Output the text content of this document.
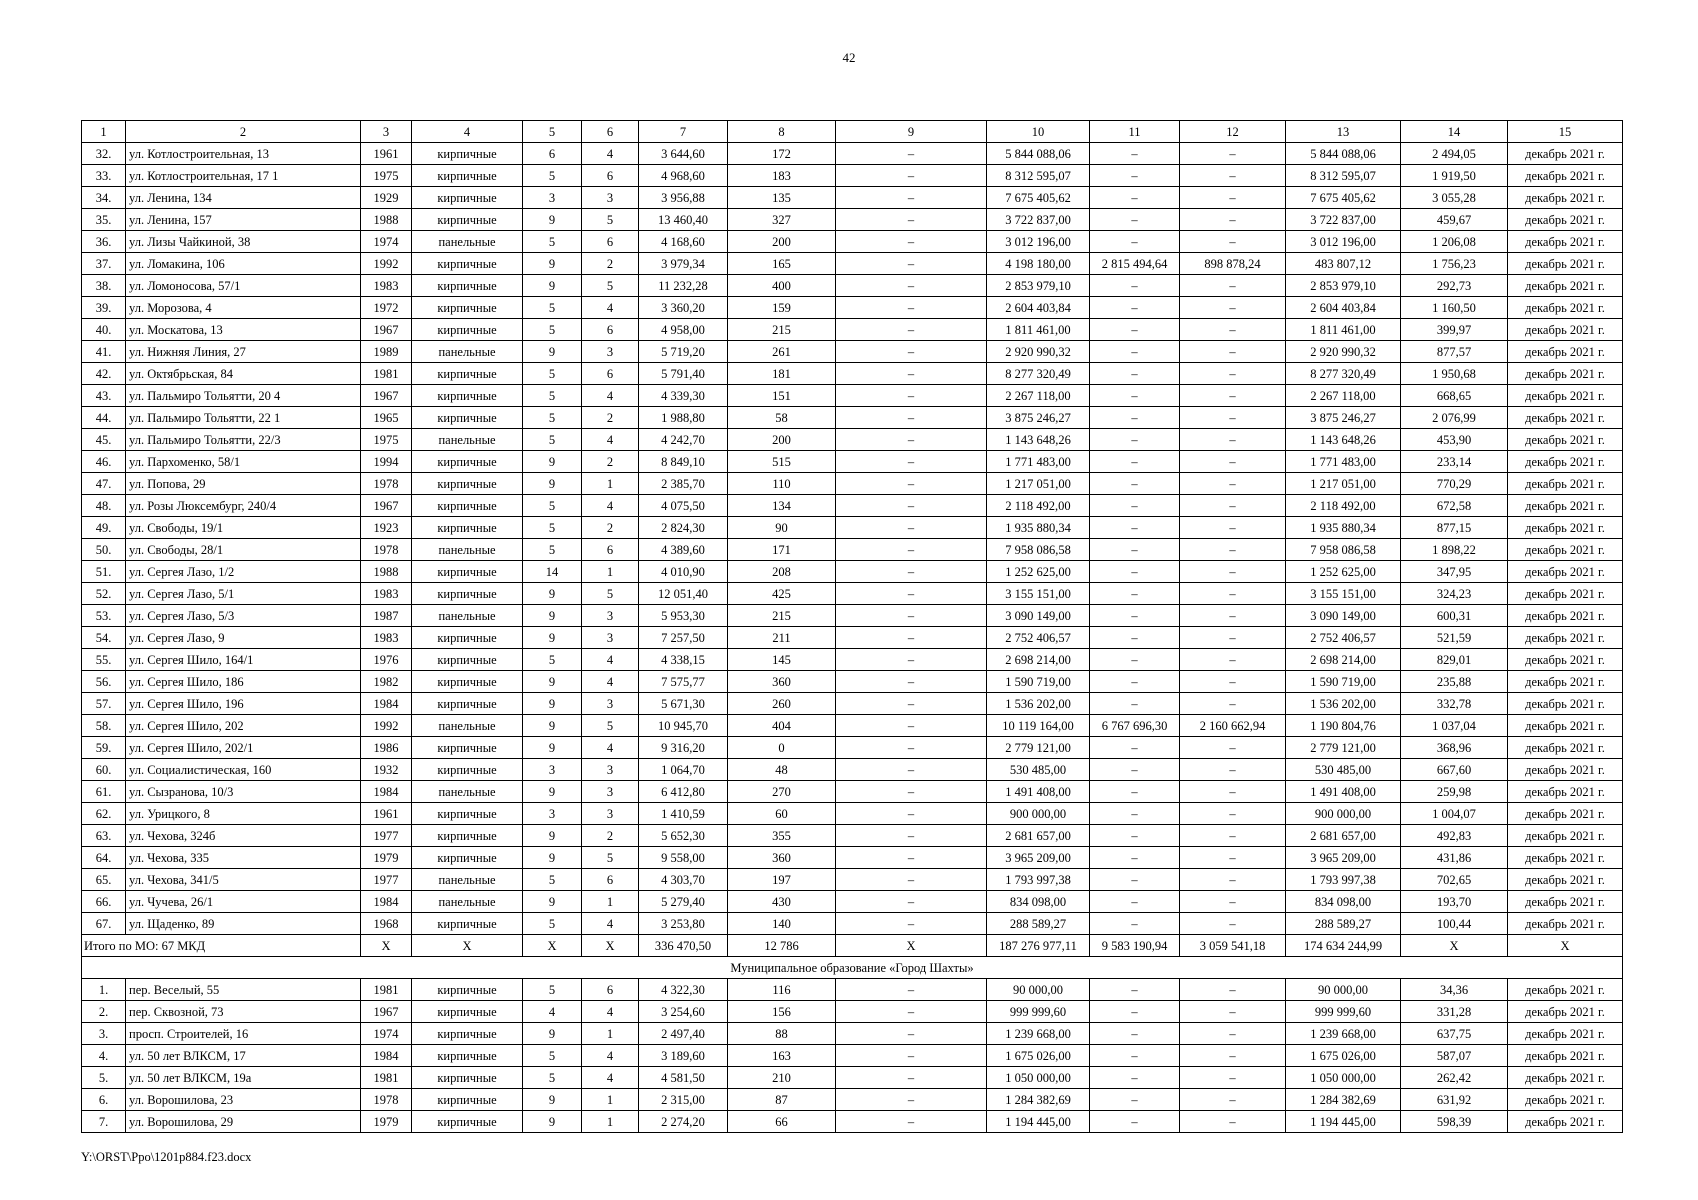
42
1	2	3	4	5	6	7	8	9	10	11	12	13	14	15
32.	ул. Котлостроительная, 13	1961	кирпичные	6	4	3 644,60	172	–	5 844 088,06	–	–	5 844 088,06	2 494,05	декабрь 2021 г.
33.	ул. Котлостроительная, 17 1	1975	кирпичные	5	6	4 968,60	183	–	8 312 595,07	–	–	8 312 595,07	1 919,50	декабрь 2021 г.
34.	ул. Ленина, 134	1929	кирпичные	3	3	3 956,88	135	–	7 675 405,62	–	–	7 675 405,62	3 055,28	декабрь 2021 г.
35.	ул. Ленина, 157	1988	кирпичные	9	5	13 460,40	327	–	3 722 837,00	–	–	3 722 837,00	459,67	декабрь 2021 г.
36.	ул. Лизы Чайкиной, 38	1974	панельные	5	6	4 168,60	200	–	3 012 196,00	–	–	3 012 196,00	1 206,08	декабрь 2021 г.
37.	ул. Ломакина, 106	1992	кирпичные	9	2	3 979,34	165	–	4 198 180,00	2 815 494,64	898 878,24	483 807,12	1 756,23	декабрь 2021 г.
38.	ул. Ломоносова, 57/1	1983	кирпичные	9	5	11 232,28	400	–	2 853 979,10	–	–	2 853 979,10	292,73	декабрь 2021 г.
39.	ул. Морозова, 4	1972	кирпичные	5	4	3 360,20	159	–	2 604 403,84	–	–	2 604 403,84	1 160,50	декабрь 2021 г.
40.	ул. Москатова, 13	1967	кирпичные	5	6	4 958,00	215	–	1 811 461,00	–	–	1 811 461,00	399,97	декабрь 2021 г.
41.	ул. Нижняя Линия, 27	1989	панельные	9	3	5 719,20	261	–	2 920 990,32	–	–	2 920 990,32	877,57	декабрь 2021 г.
42.	ул. Октябрьская, 84	1981	кирпичные	5	6	5 791,40	181	–	8 277 320,49	–	–	8 277 320,49	1 950,68	декабрь 2021 г.
43.	ул. Пальмиро Тольятти, 20 4	1967	кирпичные	5	4	4 339,30	151	–	2 267 118,00	–	–	2 267 118,00	668,65	декабрь 2021 г.
44.	ул. Пальмиро Тольятти, 22 1	1965	кирпичные	5	2	1 988,80	58	–	3 875 246,27	–	–	3 875 246,27	2 076,99	декабрь 2021 г.
45.	ул. Пальмиро Тольятти, 22/3	1975	панельные	5	4	4 242,70	200	–	1 143 648,26	–	–	1 143 648,26	453,90	декабрь 2021 г.
46.	ул. Пархоменко, 58/1	1994	кирпичные	9	2	8 849,10	515	–	1 771 483,00	–	–	1 771 483,00	233,14	декабрь 2021 г.
47.	ул. Попова, 29	1978	кирпичные	9	1	2 385,70	110	–	1 217 051,00	–	–	1 217 051,00	770,29	декабрь 2021 г.
48.	ул. Розы Люксембург, 240/4	1967	кирпичные	5	4	4 075,50	134	–	2 118 492,00	–	–	2 118 492,00	672,58	декабрь 2021 г.
49.	ул. Свободы, 19/1	1923	кирпичные	5	2	2 824,30	90	–	1 935 880,34	–	–	1 935 880,34	877,15	декабрь 2021 г.
50.	ул. Свободы, 28/1	1978	панельные	5	6	4 389,60	171	–	7 958 086,58	–	–	7 958 086,58	1 898,22	декабрь 2021 г.
51.	ул. Сергея Лазо, 1/2	1988	кирпичные	14	1	4 010,90	208	–	1 252 625,00	–	–	1 252 625,00	347,95	декабрь 2021 г.
52.	ул. Сергея Лазо, 5/1	1983	кирпичные	9	5	12 051,40	425	–	3 155 151,00	–	–	3 155 151,00	324,23	декабрь 2021 г.
53.	ул. Сергея Лазо, 5/3	1987	панельные	9	3	5 953,30	215	–	3 090 149,00	–	–	3 090 149,00	600,31	декабрь 2021 г.
54.	ул. Сергея Лазо, 9	1983	кирпичные	9	3	7 257,50	211	–	2 752 406,57	–	–	2 752 406,57	521,59	декабрь 2021 г.
55.	ул. Сергея Шило, 164/1	1976	кирпичные	5	4	4 338,15	145	–	2 698 214,00	–	–	2 698 214,00	829,01	декабрь 2021 г.
56.	ул. Сергея Шило, 186	1982	кирпичные	9	4	7 575,77	360	–	1 590 719,00	–	–	1 590 719,00	235,88	декабрь 2021 г.
57.	ул. Сергея Шило, 196	1984	кирпичные	9	3	5 671,30	260	–	1 536 202,00	–	–	1 536 202,00	332,78	декабрь 2021 г.
58.	ул. Сергея Шило, 202	1992	панельные	9	5	10 945,70	404	–	10 119 164,00	6 767 696,30	2 160 662,94	1 190 804,76	1 037,04	декабрь 2021 г.
59.	ул. Сергея Шило, 202/1	1986	кирпичные	9	4	9 316,20	0	–	2 779 121,00	–	–	2 779 121,00	368,96	декабрь 2021 г.
60.	ул. Социалистическая, 160	1932	кирпичные	3	3	1 064,70	48	–	530 485,00	–	–	530 485,00	667,60	декабрь 2021 г.
61.	ул. Сызранова, 10/3	1984	панельные	9	3	6 412,80	270	–	1 491 408,00	–	–	1 491 408,00	259,98	декабрь 2021 г.
62.	ул. Урицкого, 8	1961	кирпичные	3	3	1 410,59	60	–	900 000,00	–	–	900 000,00	1 004,07	декабрь 2021 г.
63.	ул. Чехова, 324б	1977	кирпичные	9	2	5 652,30	355	–	2 681 657,00	–	–	2 681 657,00	492,83	декабрь 2021 г.
64.	ул. Чехова, 335	1979	кирпичные	9	5	9 558,00	360	–	3 965 209,00	–	–	3 965 209,00	431,86	декабрь 2021 г.
65.	ул. Чехова, 341/5	1977	панельные	5	6	4 303,70	197	–	1 793 997,38	–	–	1 793 997,38	702,65	декабрь 2021 г.
66.	ул. Чучева, 26/1	1984	панельные	9	1	5 279,40	430	–	834 098,00	–	–	834 098,00	193,70	декабрь 2021 г.
67.	ул. Щаденко, 89	1968	кирпичные	5	4	3 253,80	140	–	288 589,27	–	–	288 589,27	100,44	декабрь 2021 г.
Итого по МО: 67 МКД		X	X	X	X	336 470,50	12 786	X	187 276 977,11	9 583 190,94	3 059 541,18	174 634 244,99	X	X
Муниципальное образование «Город Шахты»														
1.	пер. Веселый, 55	1981	кирпичные	5	6	4 322,30	116	–	90 000,00	–	–	90 000,00	34,36	декабрь 2021 г.
2.	пер. Сквозной, 73	1967	кирпичные	4	4	3 254,60	156	–	999 999,60	–	–	999 999,60	331,28	декабрь 2021 г.
3.	просп. Строителей, 16	1974	кирпичные	9	1	2 497,40	88	–	1 239 668,00	–	–	1 239 668,00	637,75	декабрь 2021 г.
4.	ул. 50 лет ВЛКСМ, 17	1984	кирпичные	5	4	3 189,60	163	–	1 675 026,00	–	–	1 675 026,00	587,07	декабрь 2021 г.
5.	ул. 50 лет ВЛКСМ, 19а	1981	кирпичные	5	4	4 581,50	210	–	1 050 000,00	–	–	1 050 000,00	262,42	декабрь 2021 г.
6.	ул. Ворошилова, 23	1978	кирпичные	9	1	2 315,00	87	–	1 284 382,69	–	–	1 284 382,69	631,92	декабрь 2021 г.
7.	ул. Ворошилова, 29	1979	кирпичные	9	1	2 274,20	66	–	1 194 445,00	–	–	1 194 445,00	598,39	декабрь 2021 г.
Y:\ORST\Ppo\1201p884.f23.docx
